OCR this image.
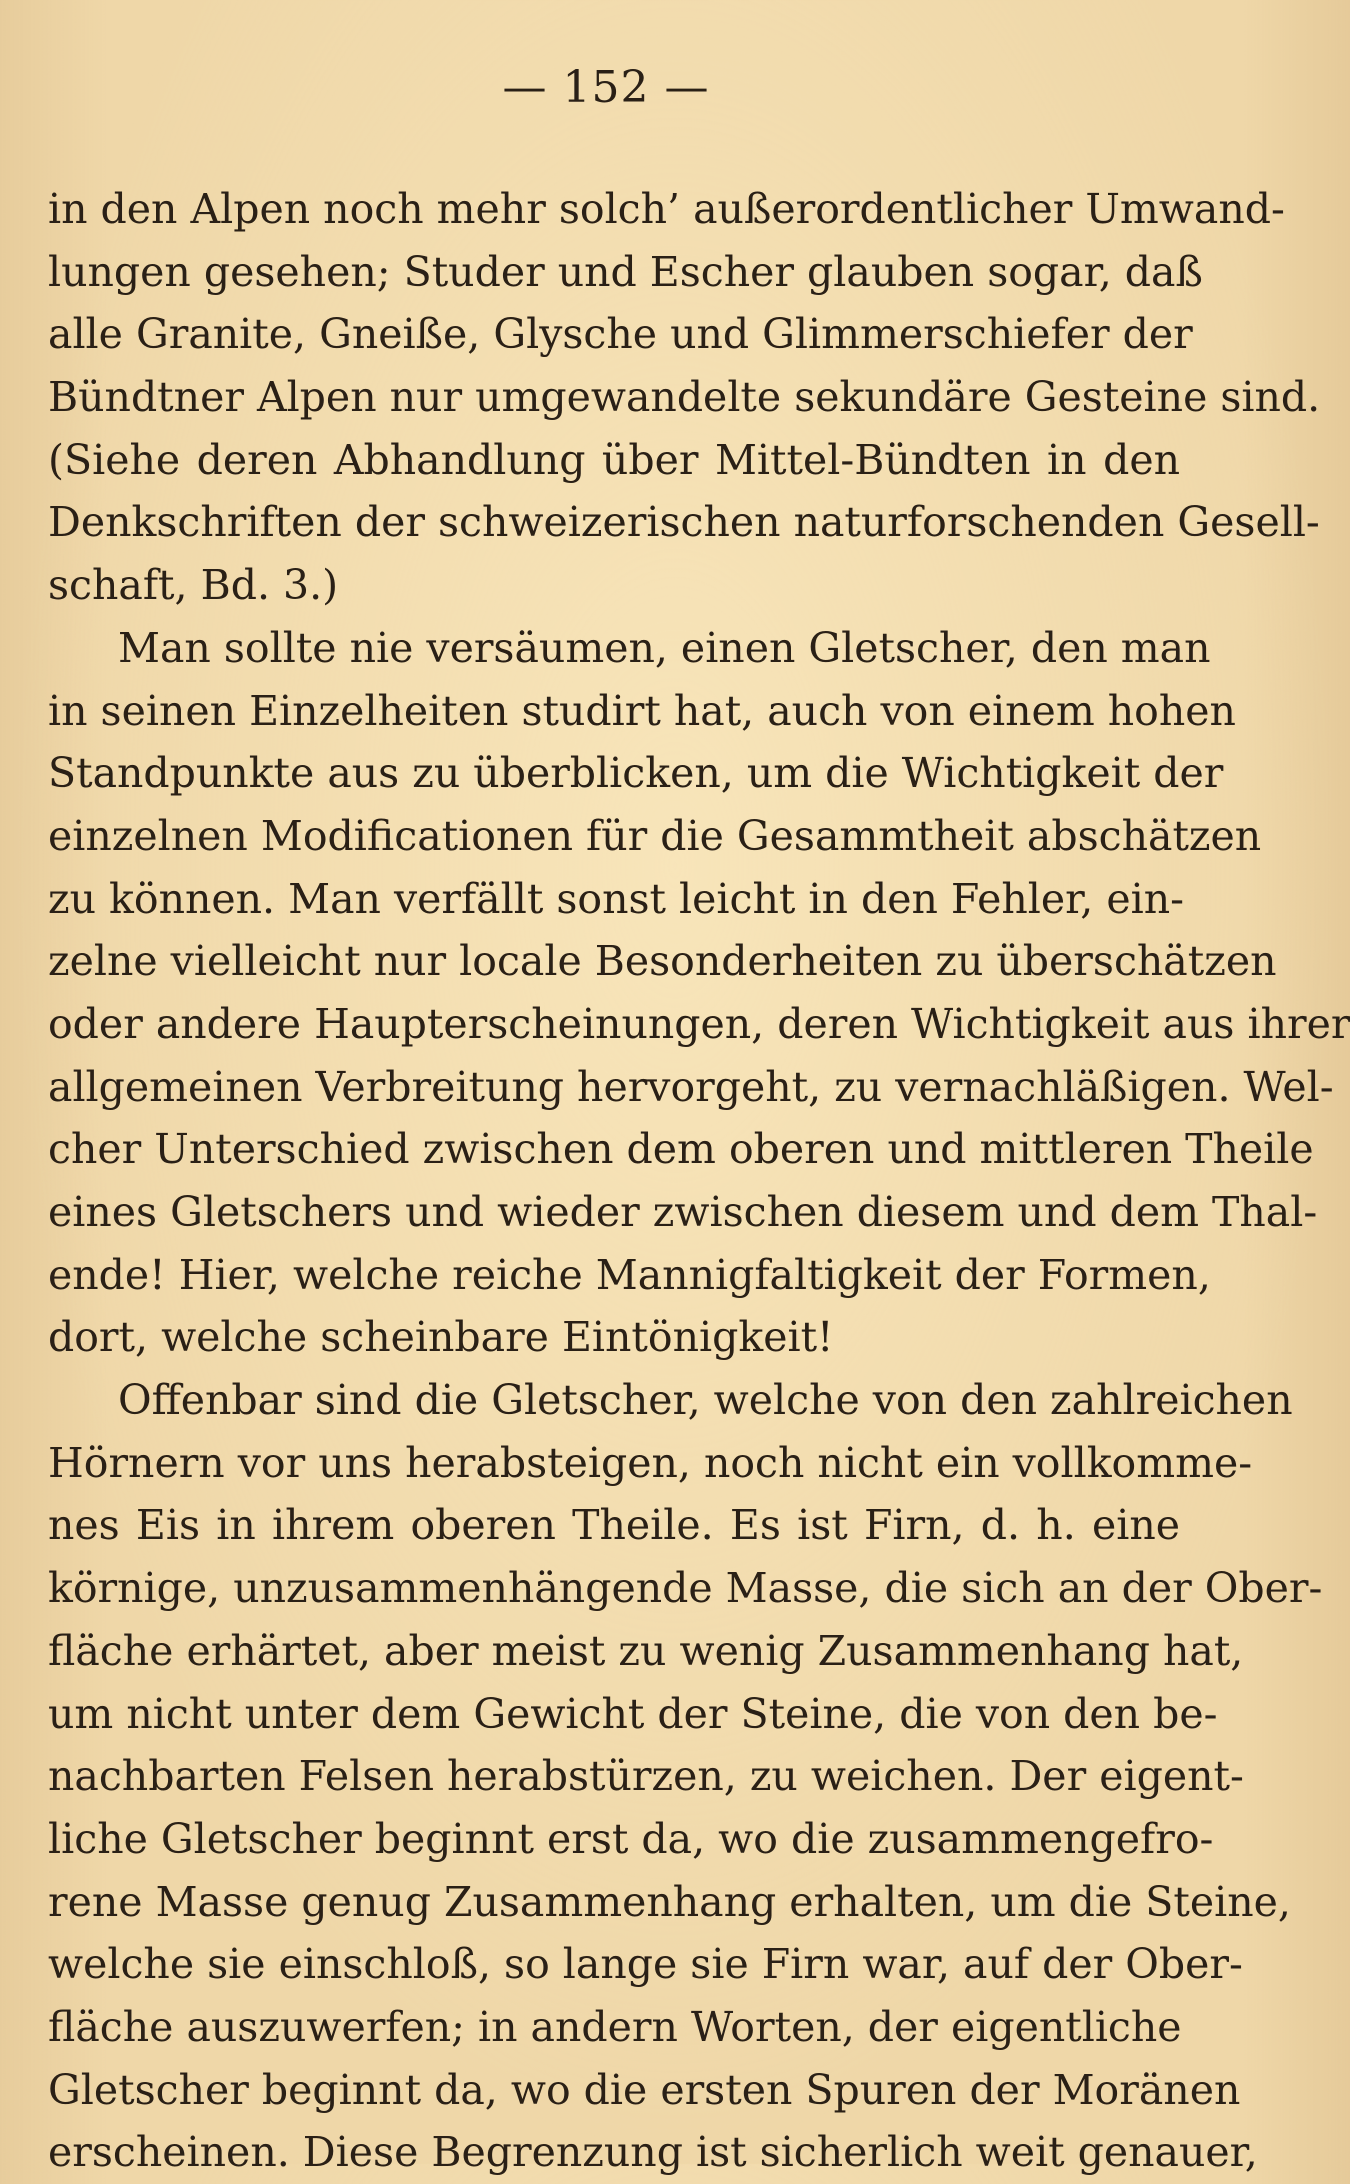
— 152 —
in den Alpen noch mehr solch’ außerordentlicher Umwand-
lungen gesehen; Studer und Escher glauben sogar, daß
alle Granite, Gneiße, Glysche und Glimmerschiefer der
Bündtner Alpen nur umgewandelte sekundäre Gesteine sind.
(Siehe deren Abhandlung über Mittel-Bündten in den
Denkschriften der schweizerischen naturforschenden Gesell-
schaft, Bd. 3.)
Man sollte nie versäumen, einen Gletscher, den man
in seinen Einzelheiten studirt hat, auch von einem hohen
Standpunkte aus zu überblicken, um die Wichtigkeit der
einzelnen Modificationen für die Gesammtheit abschätzen
zu können. Man verfällt sonst leicht in den Fehler, ein-
zelne vielleicht nur locale Besonderheiten zu überschätzen
oder andere Haupterscheinungen, deren Wichtigkeit aus ihrer
allgemeinen Verbreitung hervorgeht, zu vernachläßigen. Wel-
cher Unterschied zwischen dem oberen und mittleren Theile
eines Gletschers und wieder zwischen diesem und dem Thal-
ende! Hier, welche reiche Mannigfaltigkeit der Formen,
dort, welche scheinbare Eintönigkeit!
Offenbar sind die Gletscher, welche von den zahlreichen
Hörnern vor uns herabsteigen, noch nicht ein vollkomme-
nes Eis in ihrem oberen Theile. Es ist Firn, d. h. eine
körnige, unzusammenhängende Masse, die sich an der Ober-
fläche erhärtet, aber meist zu wenig Zusammenhang hat,
um nicht unter dem Gewicht der Steine, die von den be-
nachbarten Felsen herabstürzen, zu weichen. Der eigent-
liche Gletscher beginnt erst da, wo die zusammengefro-
rene Masse genug Zusammenhang erhalten, um die Steine,
welche sie einschloß, so lange sie Firn war, auf der Ober-
fläche auszuwerfen; in andern Worten, der eigentliche
Gletscher beginnt da, wo die ersten Spuren der Moränen
erscheinen. Diese Begrenzung ist sicherlich weit genauer,
